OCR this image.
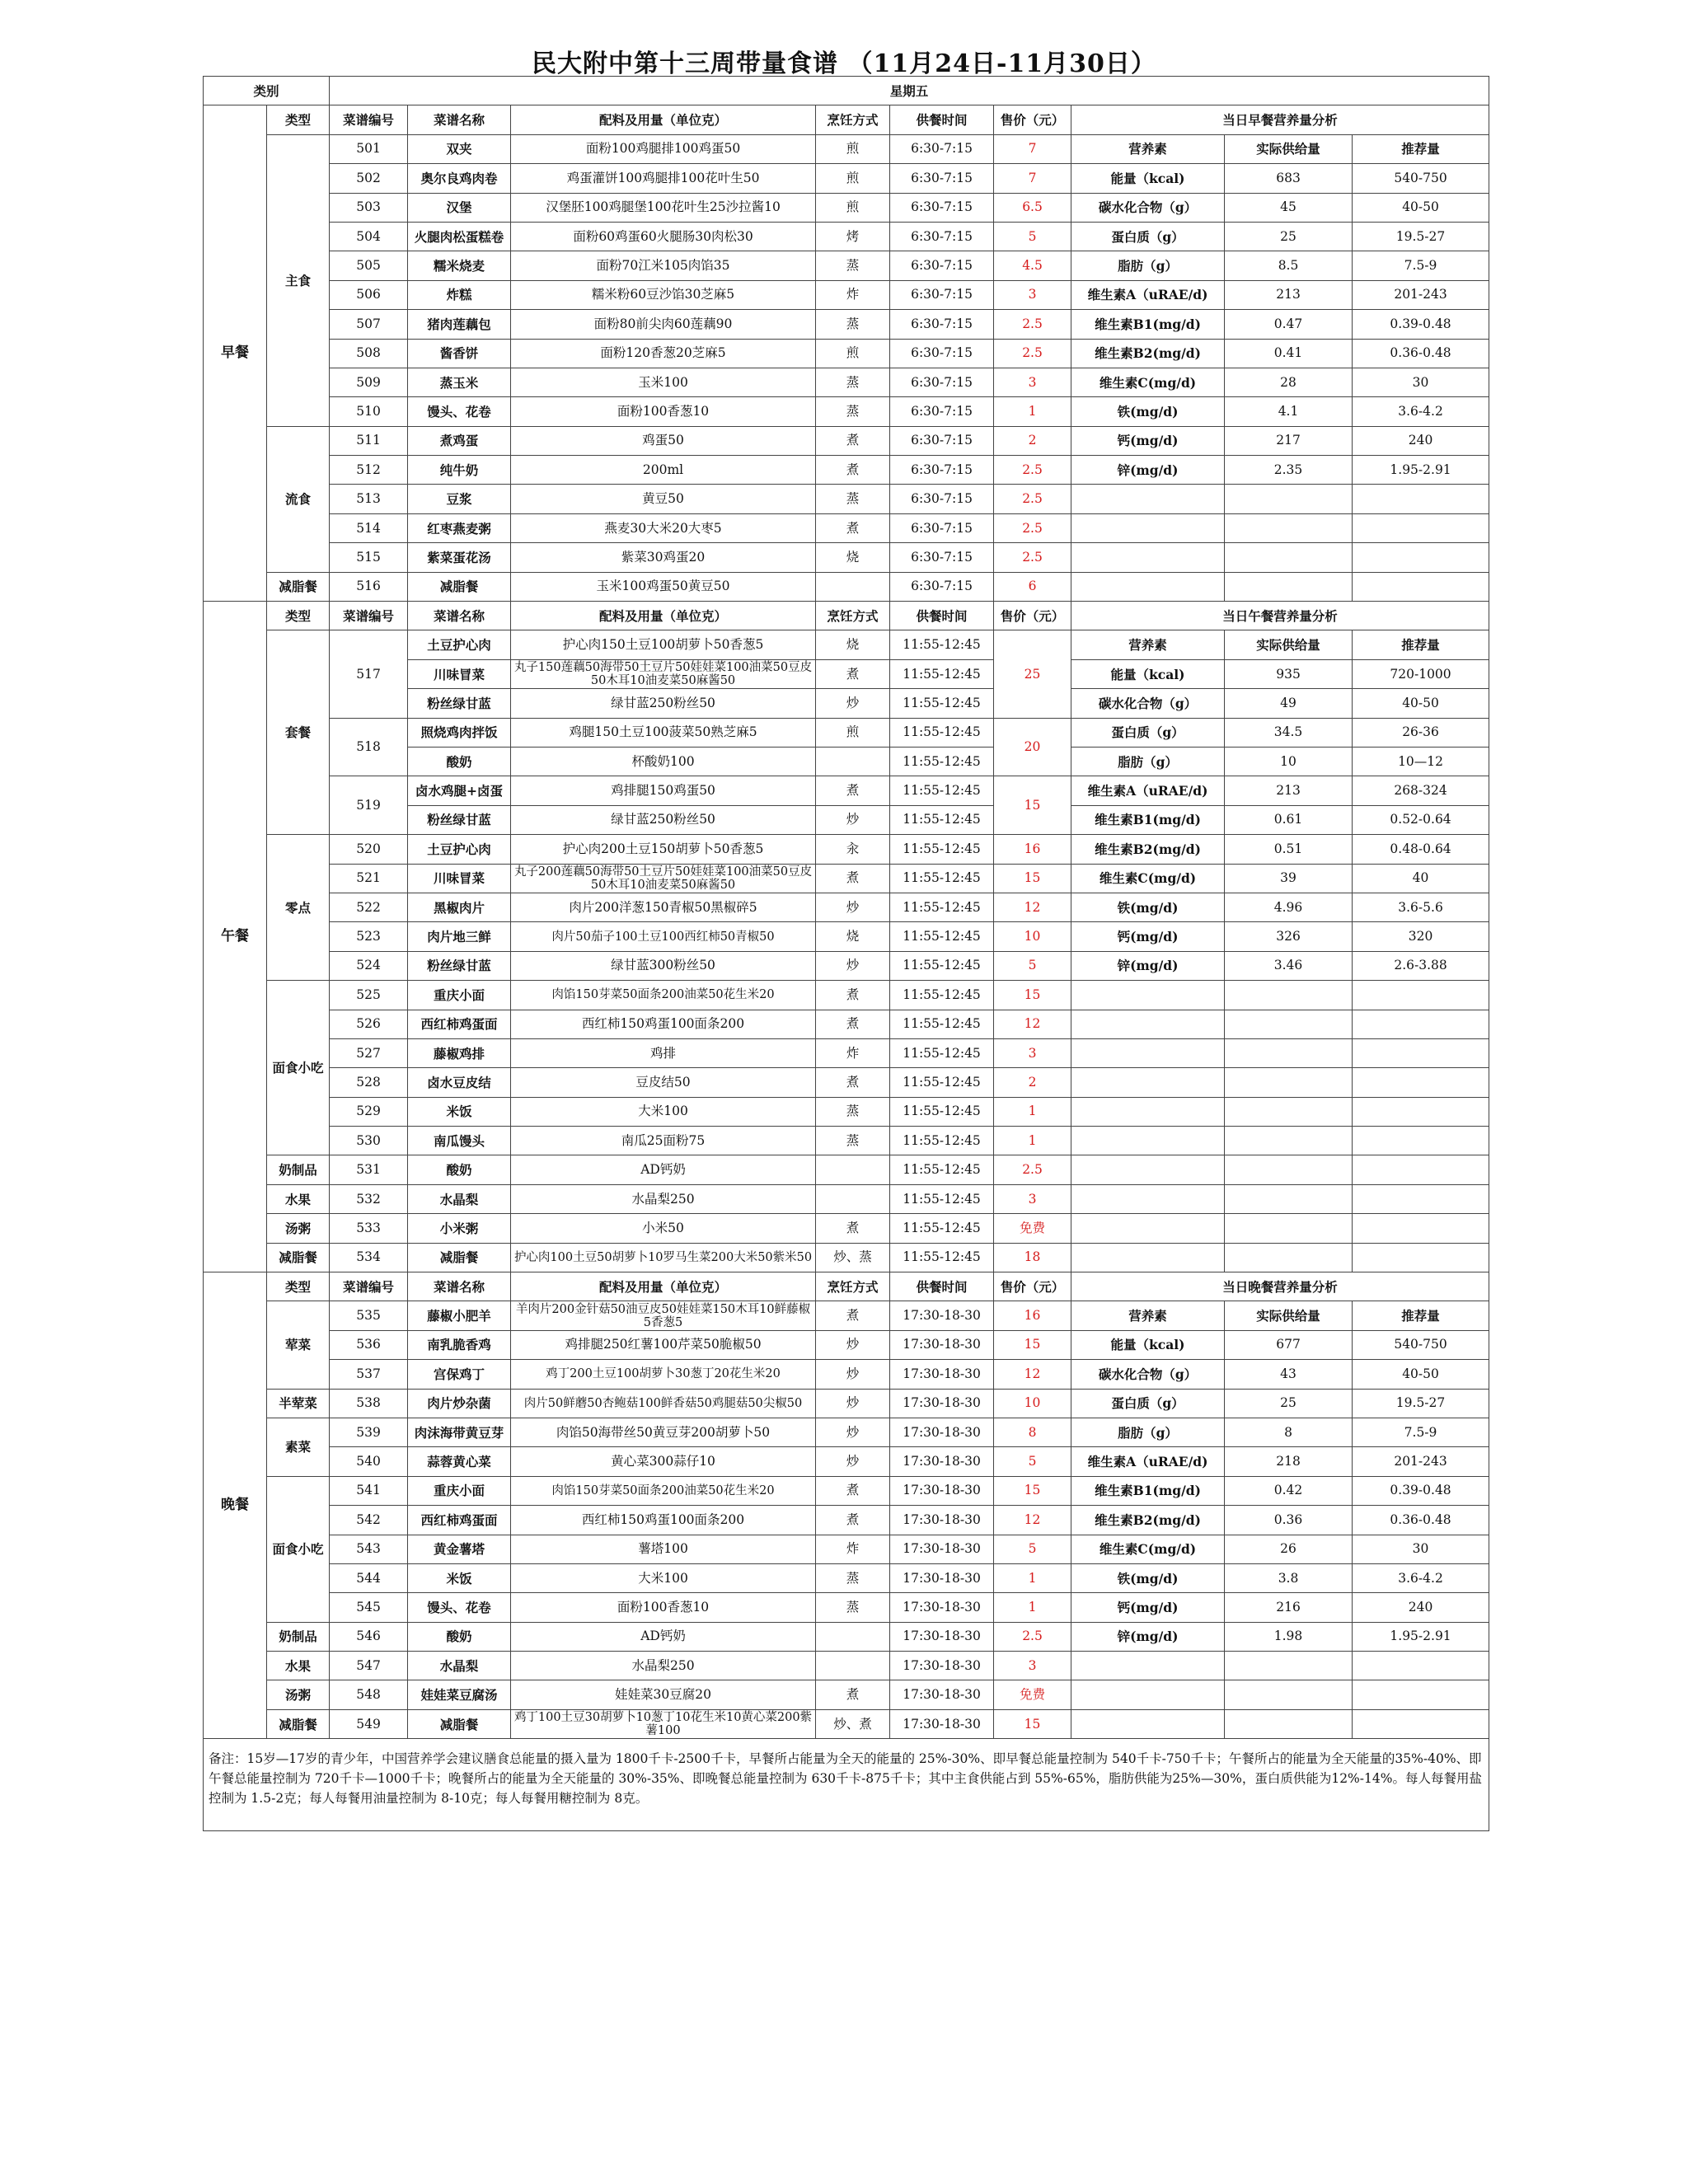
民大附中第十三周带量食谱 （11月24日-11月30日）
类别		星期五								
早餐	类型	菜谱编号	菜谱名称	配料及用量（单位克）	烹饪方式	供餐时间	售价（元）	当日早餐营养量分析		
	主食	501	双夹	面粉100鸡腿排100鸡蛋50	煎	6:30-7:15	7	营养素	实际供给量	推荐量
		502	奥尔良鸡肉卷	鸡蛋灌饼100鸡腿排100花叶生50	煎	6:30-7:15	7	能量（kcal)	683	540-750
		503	汉堡	汉堡胚100鸡腿堡100花叶生25沙拉酱10	煎	6:30-7:15	6.5	碳水化合物（g）	45	40-50
		504	火腿肉松蛋糕卷	面粉60鸡蛋60火腿肠30肉松30	烤	6:30-7:15	5	蛋白质（g）	25	19.5-27
		505	糯米烧麦	面粉70江米105肉馅35	蒸	6:30-7:15	4.5	脂肪（g）	8.5	7.5-9
		506	炸糕	糯米粉60豆沙馅30芝麻5	炸	6:30-7:15	3	维生素A（uRAE/d)	213	201-243
		507	猪肉莲藕包	面粉80前尖肉60莲藕90	蒸	6:30-7:15	2.5	维生素B1(mg/d)	0.47	0.39-0.48
		508	酱香饼	面粉120香葱20芝麻5	煎	6:30-7:15	2.5	维生素B2(mg/d)	0.41	0.36-0.48
		509	蒸玉米	玉米100	蒸	6:30-7:15	3	维生素C(mg/d)	28	30
		510	馒头、花卷	面粉100香葱10	蒸	6:30-7:15	1	铁(mg/d)	4.1	3.6-4.2
	流食	511	煮鸡蛋	鸡蛋50	煮	6:30-7:15	2	钙(mg/d)	217	240
		512	纯牛奶	200ml	煮	6:30-7:15	2.5	锌(mg/d)	2.35	1.95-2.91
		513	豆浆	黄豆50	蒸	6:30-7:15	2.5			
		514	红枣燕麦粥	燕麦30大米20大枣5	煮	6:30-7:15	2.5			
		515	紫菜蛋花汤	紫菜30鸡蛋20	烧	6:30-7:15	2.5			
	减脂餐	516	减脂餐	玉米100鸡蛋50黄豆50		6:30-7:15	6			
午餐	类型	菜谱编号	菜谱名称	配料及用量（单位克）	烹饪方式	供餐时间	售价（元）	当日午餐营养量分析		
	套餐	517	土豆护心肉	护心肉150土豆100胡萝卜50香葱5	烧	11:55-12:45	25	营养素	实际供给量	推荐量
			川味冒菜	丸子150莲藕50海带50土豆片50娃娃菜100油菜50豆皮50木耳10油麦菜50麻酱50	煮	11:55-12:45		能量（kcal)	935	720-1000
			粉丝绿甘蓝	绿甘蓝250粉丝50	炒	11:55-12:45		碳水化合物（g）	49	40-50
		518	照烧鸡肉拌饭	鸡腿150土豆100菠菜50熟芝麻5	煎	11:55-12:45	20	蛋白质（g）	34.5	26-36
			酸奶	杯酸奶100		11:55-12:45		脂肪（g）	10	10—12
		519	卤水鸡腿+卤蛋	鸡排腿150鸡蛋50	煮	11:55-12:45	15	维生素A（uRAE/d)	213	268-324
			粉丝绿甘蓝	绿甘蓝250粉丝50	炒	11:55-12:45		维生素B1(mg/d)	0.61	0.52-0.64
	零点	520	土豆护心肉	护心肉200土豆150胡萝卜50香葱5	汆	11:55-12:45	16	维生素B2(mg/d)	0.51	0.48-0.64
		521	川味冒菜	丸子200莲藕50海带50土豆片50娃娃菜100油菜50豆皮50木耳10油麦菜50麻酱50	煮	11:55-12:45	15	维生素C(mg/d)	39	40
		522	黑椒肉片	肉片200洋葱150青椒50黑椒碎5	炒	11:55-12:45	12	铁(mg/d)	4.96	3.6-5.6
		523	肉片地三鲜	肉片50茄子100土豆100西红柿50青椒50	烧	11:55-12:45	10	钙(mg/d)	326	320
		524	粉丝绿甘蓝	绿甘蓝300粉丝50	炒	11:55-12:45	5	锌(mg/d)	3.46	2.6-3.88
	面食小吃	525	重庆小面	肉馅150芽菜50面条200油菜50花生米20	煮	11:55-12:45	15			
		526	西红柿鸡蛋面	西红柿150鸡蛋100面条200	煮	11:55-12:45	12			
		527	藤椒鸡排	鸡排	炸	11:55-12:45	3			
		528	卤水豆皮结	豆皮结50	煮	11:55-12:45	2			
		529	米饭	大米100	蒸	11:55-12:45	1			
		530	南瓜馒头	南瓜25面粉75	蒸	11:55-12:45	1			
	奶制品	531	酸奶	AD钙奶		11:55-12:45	2.5			
	水果	532	水晶梨	水晶梨250		11:55-12:45	3			
	汤粥	533	小米粥	小米50	煮	11:55-12:45	免费			
	减脂餐	534	减脂餐	护心肉100土豆50胡萝卜10罗马生菜200大米50紫米50	炒、蒸	11:55-12:45	18			
晚餐	类型	菜谱编号	菜谱名称	配料及用量（单位克）	烹饪方式	供餐时间	售价（元）	当日晚餐营养量分析		
	荤菜	535	藤椒小肥羊	羊肉片200金针菇50油豆皮50娃娃菜150木耳10鲜藤椒5香葱5	煮	17:30-18-30	16	营养素	实际供给量	推荐量
		536	南乳脆香鸡	鸡排腿250红薯100芹菜50脆椒50	炒	17:30-18-30	15	能量（kcal)	677	540-750
		537	宫保鸡丁	鸡丁200土豆100胡萝卜30葱丁20花生米20	炒	17:30-18-30	12	碳水化合物（g）	43	40-50
	半荤菜	538	肉片炒杂菌	肉片50鲜蘑50杏鲍菇100鲜香菇50鸡腿菇50尖椒50	炒	17:30-18-30	10	蛋白质（g）	25	19.5-27
	素菜	539	肉沫海带黄豆芽	肉馅50海带丝50黄豆芽200胡萝卜50	炒	17:30-18-30	8	脂肪（g）	8	7.5-9
		540	蒜蓉黄心菜	黄心菜300蒜仔10	炒	17:30-18-30	5	维生素A（uRAE/d)	218	201-243
	面食小吃	541	重庆小面	肉馅150芽菜50面条200油菜50花生米20	煮	17:30-18-30	15	维生素B1(mg/d)	0.42	0.39-0.48
		542	西红柿鸡蛋面	西红柿150鸡蛋100面条200	煮	17:30-18-30	12	维生素B2(mg/d)	0.36	0.36-0.48
		543	黄金薯塔	薯塔100	炸	17:30-18-30	5	维生素C(mg/d)	26	30
		544	米饭	大米100	蒸	17:30-18-30	1	铁(mg/d)	3.8	3.6-4.2
		545	馒头、花卷	面粉100香葱10	蒸	17:30-18-30	1	钙(mg/d)	216	240
	奶制品	546	酸奶	AD钙奶		17:30-18-30	2.5	锌(mg/d)	1.98	1.95-2.91
	水果	547	水晶梨	水晶梨250		17:30-18-30	3			
	汤粥	548	娃娃菜豆腐汤	娃娃菜30豆腐20	煮	17:30-18-30	免费			
	减脂餐	549	减脂餐	鸡丁100土豆30胡萝卜10葱丁10花生米10黄心菜200紫薯100	炒、煮	17:30-18-30	15			
备注：15岁—17岁的青少年，中国营养学会建议膳食总能量的摄入量为 1800千卡-2500千卡，早餐所占能量为全天的能量的 25%-30%、即早餐总能量控制为 540千卡-750千卡；午餐所占的能量为全天能量的35%-40%、即午餐总能量控制为 720千卡—1000千卡；晚餐所占的能量为全天能量的 30%-35%、即晚餐总能量控制为 630千卡-875千卡；其中主食供能占到 55%-65%，脂肪供能为25%—30%，蛋白质供能为12%-14%。每人每餐用盐控制为 1.5-2克；每人每餐用油量控制为 8-10克；每人每餐用糖控制为 8克。										
